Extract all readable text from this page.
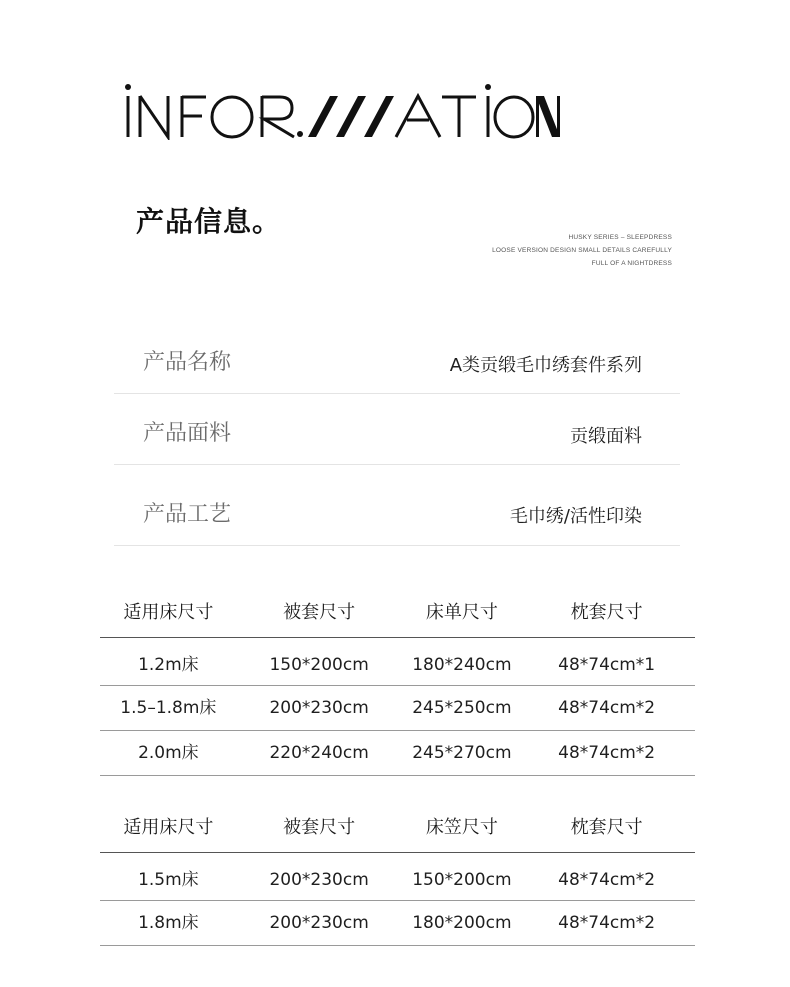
产品信息。	HUSKY SERIES – SLEEPDRESS
LOOSE VERSION DESIGN SMALL DETAILS CAREFULLY
FULL OF A NIGHTDRESS
产品名称	A类贡缎毛巾绣套件系列
产品面料	贡缎面料
产品工艺	毛巾绣/活性印染
适用床尺寸	被套尺寸	床单尺寸	枕套尺寸
1.2m床	150*200cm	180*240cm	48*74cm*1
1.5–1.8m床	200*230cm	245*250cm	48*74cm*2
2.0m床	220*240cm	245*270cm	48*74cm*2
适用床尺寸	被套尺寸	床笠尺寸	枕套尺寸
1.5m床	200*230cm	150*200cm	48*74cm*2
1.8m床	200*230cm	180*200cm	48*74cm*2
